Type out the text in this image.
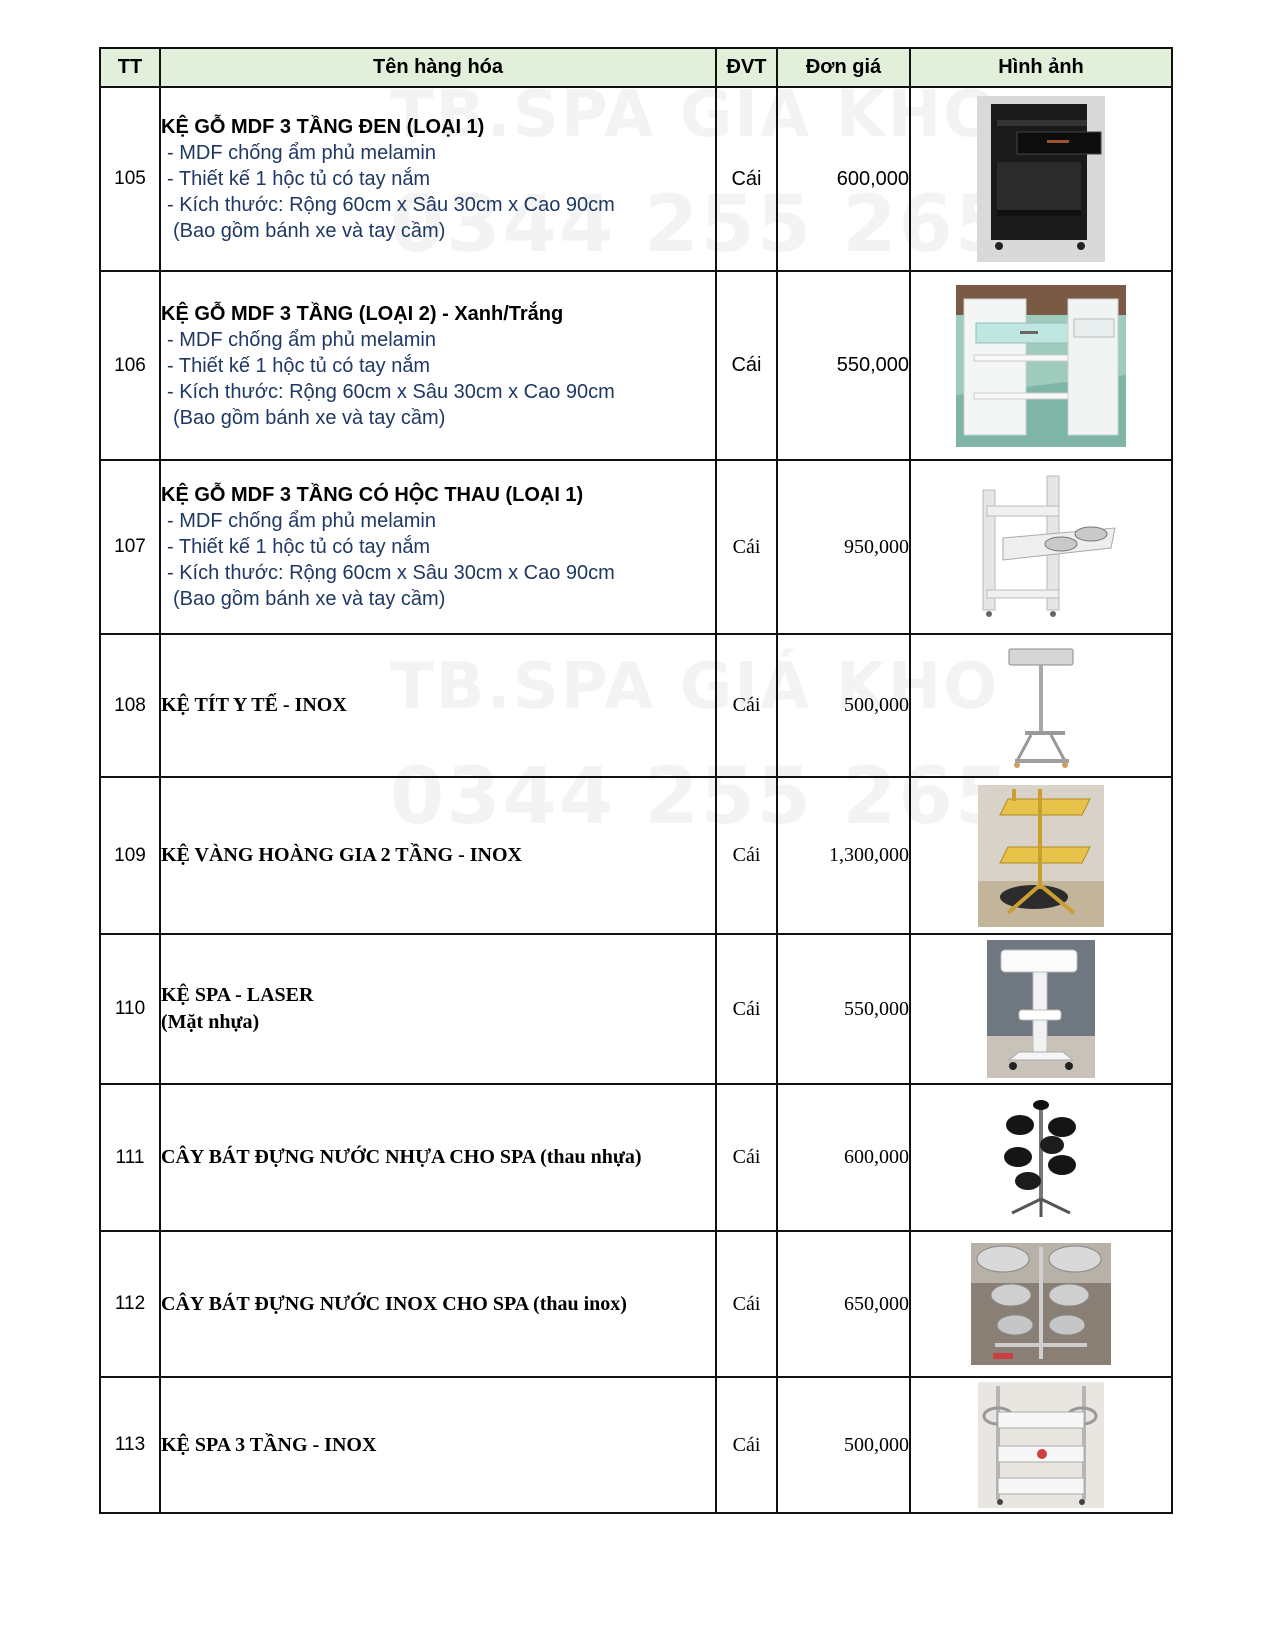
TT	Tên hàng hóa	ĐVT	Đơn giá	Hình ảnh
105	KỆ GỖ MDF 3 TẦNG ĐEN (LOẠI 1)
- MDF chống ẩm phủ melamin
- Thiết kế 1 hộc tủ có tay nắm
- Kích thước: Rộng 60cm x Sâu 30cm x Cao 90cm
(Bao gồm bánh xe và tay cầm)	Cái	600,000	
106	KỆ GỖ MDF 3 TẦNG (LOẠI 2) - Xanh/Trắng
- MDF chống ẩm phủ melamin
- Thiết kế 1 hộc tủ có tay nắm
- Kích thước: Rộng 60cm x Sâu 30cm x Cao 90cm
(Bao gồm bánh xe và tay cầm)	Cái	550,000	
107	KỆ GỖ MDF 3 TẦNG CÓ HỘC THAU (LOẠI 1)
- MDF chống ẩm phủ melamin
- Thiết kế 1 hộc tủ có tay nắm
- Kích thước: Rộng 60cm x Sâu 30cm x Cao 90cm
(Bao gồm bánh xe và tay cầm)	Cái	950,000	
108	KỆ TÍT Y TẾ - INOX	Cái	500,000	
109	KỆ VÀNG HOÀNG GIA 2 TẦNG - INOX	Cái	1,300,000	
110	KỆ SPA - LASER
(Mặt nhựa)	Cái	550,000	
111	CÂY BÁT ĐỰNG NƯỚC NHỰA CHO SPA (thau nhựa)	Cái	600,000	
112	CÂY BÁT ĐỰNG NƯỚC INOX CHO SPA (thau inox)	Cái	650,000	
113	KỆ SPA 3 TẦNG - INOX	Cái	500,000	
